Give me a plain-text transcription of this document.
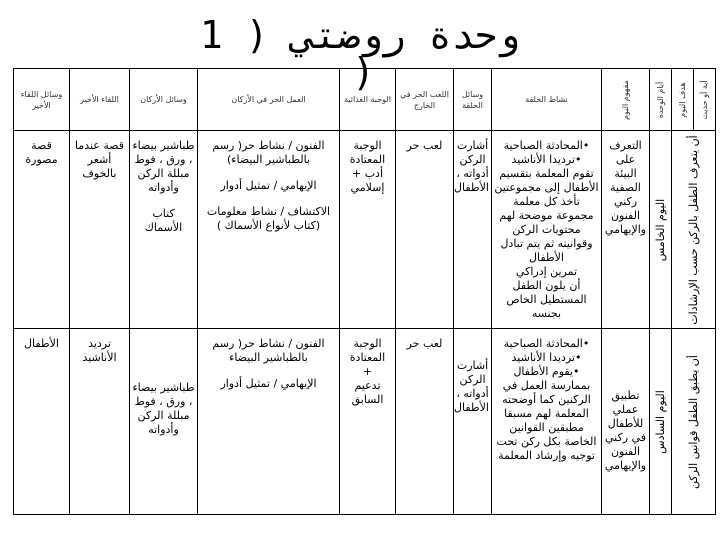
وحدة روضتي ( 1
)
أية أو حديث	هدف اليوم	أيام الوحدة	مفهوم اليوم	نشاط الحلقة	وسائل الحلقة	اللعب الحر في الخارج	الوجبة الغذائية	العمل الحر في الأركان	وسائل الأركان	اللقاء الأخير	وسائل اللقاء الأخير

أن يتعرف الطفل بالركن حسب الإرشادات		اليوم الخامس	التعرف على البيئة الصفية ركني الفنون والإيهامي	•المحادثة الصباحية
•ترديدا الأناشيد
تقوم المعلمة بتقسيم الأطفال إلى مجموعتين تأخذ كل معلمة مجموعة موضحة لهم محتويات الركن وقوانينه ثم يتم تبادل الأطفال
تمرين إدراكي
أن يلون الطفل المستطيل الخاص بجنسه	أشارت الركن أدواته ، الأطفال	لعب حر	الوجبة المعتادة
أدب + إسلامي	الفنون / نشاط حر( رسم بالطباشير البيضاء)
الإيهامي / تمثيل أدوار
الاكتشاف / نشاط معلومات
(كتاب لأنواع الأسماك )	طباشير بيضاء ، ورق ، فوط مبللة الركن وأدواته
كتاب الأسماك	قصة عندما أشعر بالخوف	قصة مصورة

أن يطبق الطفل قوانين الركن		اليوم السادس	تطبيق عملي للأطفال في ركني الفنون والإيهامي	•المحادثة الصباحية
•ترديدا الأناشيد
•يقوم الأطفال بممارسة العمل في الركنين كما أوضحته المعلمة لهم مسبقا مطبقين القوانين الخاصة بكل ركن تحت توجيه وإرشاد المعلمة	أشارت الركن أدواته ، الأطفال	لعب حر	الوجبة المعتادة
+
تدعيم السابق	الفنون / نشاط حر( رسم بالطباشير البيضاء
الإيهامي / تمثيل أدوار	طباشير بيضاء ، ورق ، فوط مبللة الركن وأدواته	ترديد الأناشيد	الأطفال
